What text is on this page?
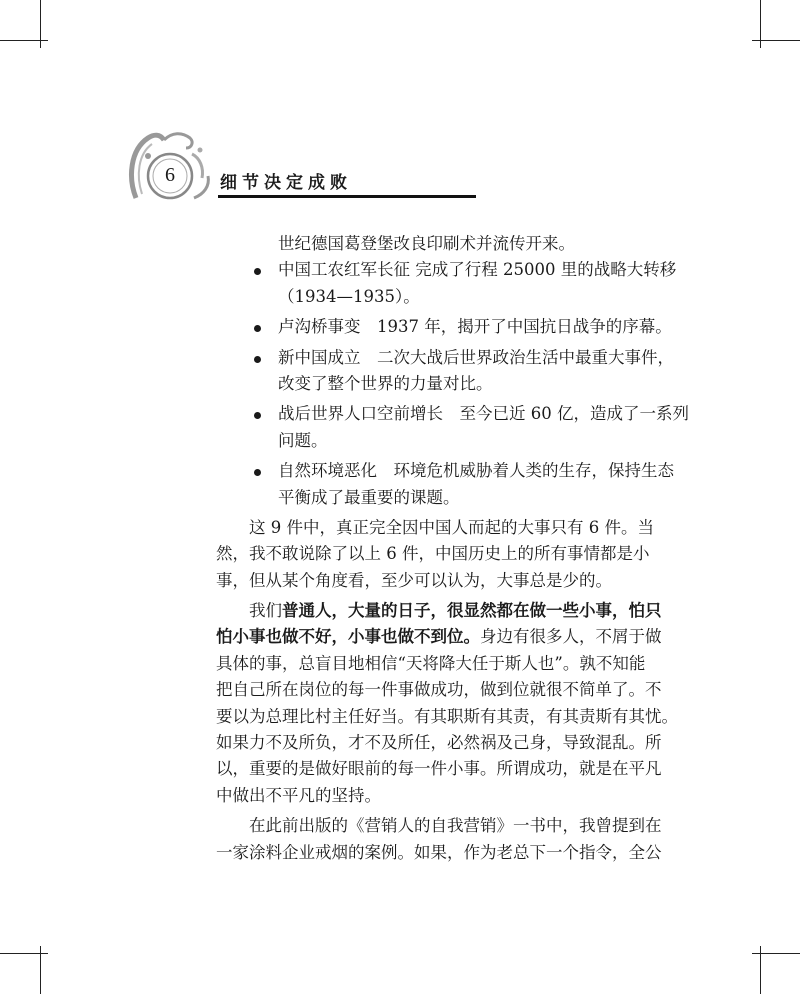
6	细节决定成败
世纪德国葛登堡改良印刷术并流传开来。
中国工农红军长征 完成了行程 25000 里的战略大转移
（1934—1935）。
卢沟桥事变　1937 年，揭开了中国抗日战争的序幕。
新中国成立　二次大战后世界政治生活中最重大事件，
改变了整个世界的力量对比。
战后世界人口空前增长　至今已近 60 亿，造成了一系列
问题。
自然环境恶化　环境危机威胁着人类的生存，保持生态
平衡成了最重要的课题。
这 9 件中，真正完全因中国人而起的大事只有 6 件。当
然，我不敢说除了以上 6 件，中国历史上的所有事情都是小
事，但从某个角度看，至少可以认为，大事总是少的。
我们普通人，大量的日子，很显然都在做一些小事，怕只
怕小事也做不好，小事也做不到位。身边有很多人，不屑于做
具体的事，总盲目地相信“天将降大任于斯人也”。孰不知能
把自己所在岗位的每一件事做成功，做到位就很不简单了。不
要以为总理比村主任好当。有其职斯有其责，有其责斯有其忧。
如果力不及所负，才不及所任，必然祸及己身，导致混乱。所
以，重要的是做好眼前的每一件小事。所谓成功，就是在平凡
中做出不平凡的坚持。
在此前出版的《营销人的自我营销》一书中，我曾提到在
一家涂料企业戒烟的案例。如果，作为老总下一个指令，全公
